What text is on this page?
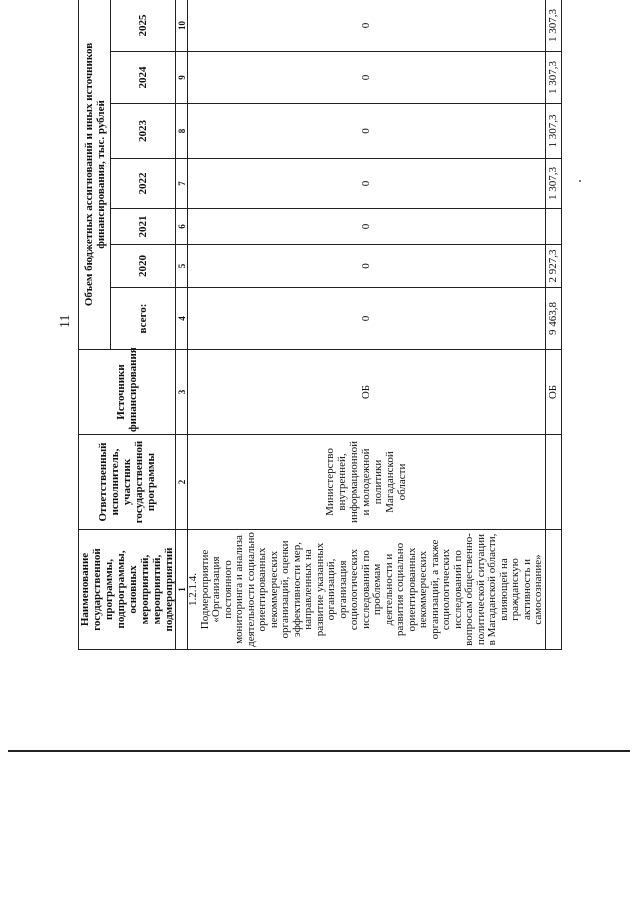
11
Наименование государственной программы, подпрограммы, основных мероприятий, мероприятий, подмероприятий	Ответственный исполнитель, участник государственной программы	Источники финансирования	Объем бюджетных ассигнований и иных источников финансирования, тыс. рублей						
			всего:	2020	2021	2022	2023	2024	2025
1	2	3	4	5	6	7	8	9	10
1.2.1.4. Подмероприятие «Организация постоянного мониторинга и анализа деятельности социально ориентированных некоммерческих организаций, оценки эффективности мер, направленных на развитие указанных организаций, организация социологических исследований по проблемам деятельности и развития социально ориентированных некоммерческих организаций, а также социологических исследований по вопросам общественно-политической ситуации в Магаданской области, влияющей на гражданскую активность и самосознание»	Министерство внутренней, информационной и молодежной политики Магаданской области	ОБ	0	0	0	0	0	0	0
		ОБ	9 463,8	2 927,3		1 307,3	1 307,3	1 307,3	1 307,3
